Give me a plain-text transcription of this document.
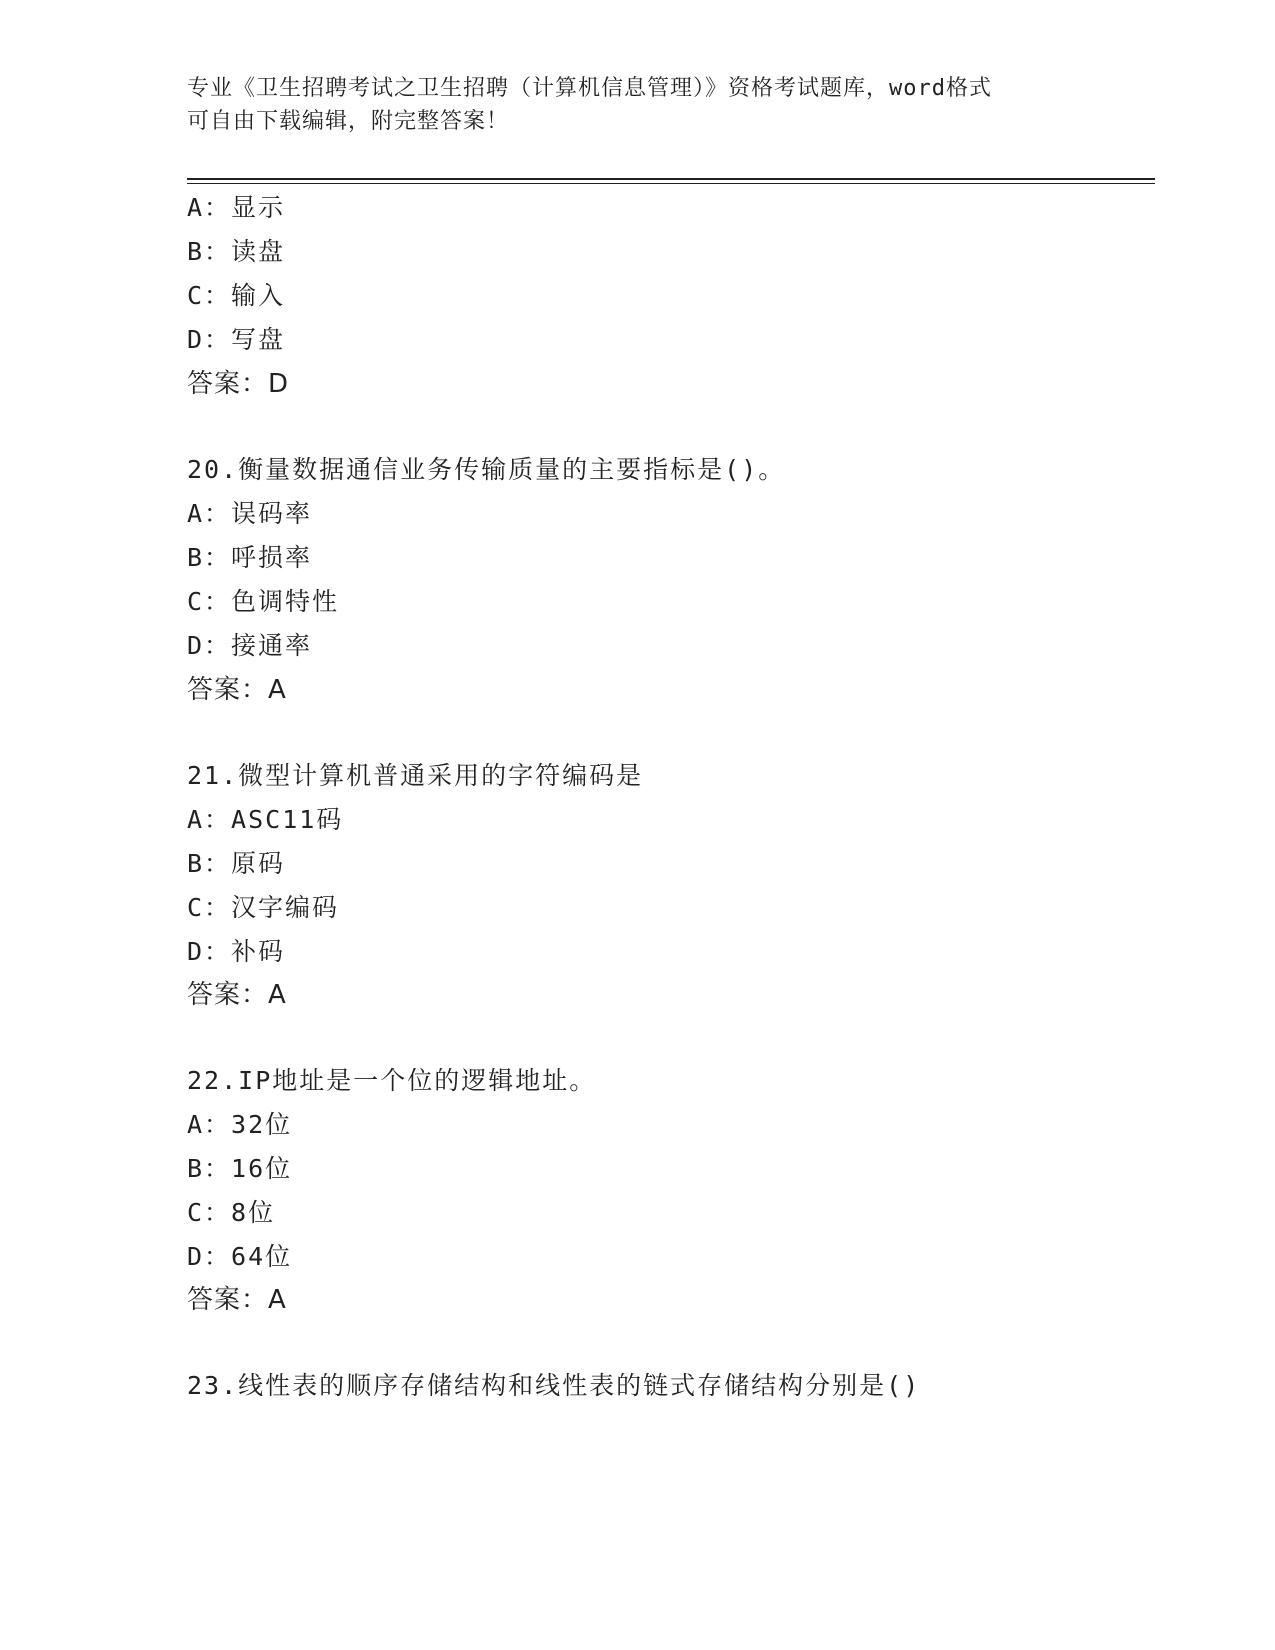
专业《卫生招聘考试之卫生招聘（计算机信息管理）》资格考试题库，word格式
可自由下载编辑，附完整答案！
A：显示
B：读盘
C：输入
D：写盘
答案：D
20.衡量数据通信业务传输质量的主要指标是()。
A：误码率
B：呼损率
C：色调特性
D：接通率
答案：A
21.微型计算机普通采用的字符编码是
A：ASC11码
B：原码
C：汉字编码
D：补码
答案：A
22.IP地址是一个位的逻辑地址。
A：32位
B：16位
C：8位
D：64位
答案：A
23.线性表的顺序存储结构和线性表的链式存储结构分别是()
